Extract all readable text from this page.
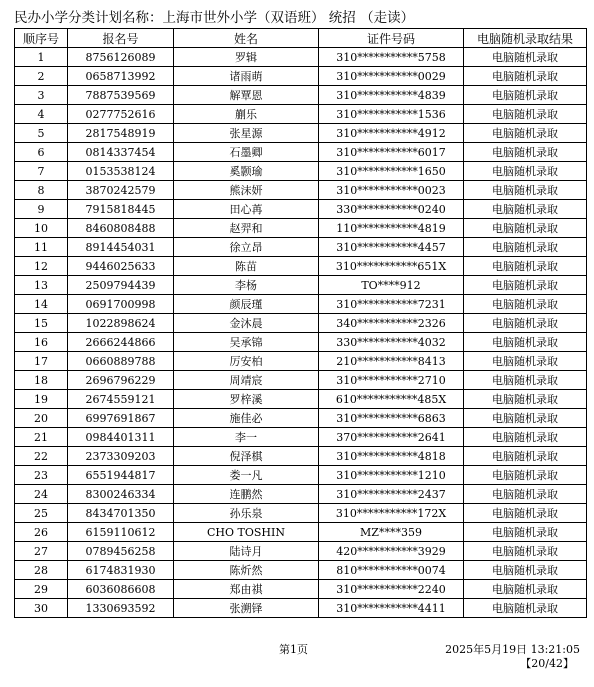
民办小学分类计划名称：上海市世外小学（双语班） 统招 （走读）
顺序号	报名号	姓名	证件号码	电脑随机录取结果
1	8756126089	罗辑	310***********5758	电脑随机录取
2	0658713992	诸雨萌	310***********0029	电脑随机录取
3	7887539569	解覃恩	310***********4839	电脑随机录取
4	0277752616	蒯乐	310***********1536	电脑随机录取
5	2817548919	张星源	310***********4912	电脑随机录取
6	0814337454	石墨卿	310***********6017	电脑随机录取
7	0153538124	奚颢瑜	310***********1650	电脑随机录取
8	3870242579	熊沫妍	310***********0023	电脑随机录取
9	7915818445	田心苒	330***********0240	电脑随机录取
10	8460808488	赵羿和	110***********4819	电脑随机录取
11	8914454031	徐立昂	310***********4457	电脑随机录取
12	9446025633	陈苗	310***********651X	电脑随机录取
13	2509794439	李杨	TO****912	电脑随机录取
14	0691700998	颜辰瑾	310***********7231	电脑随机录取
15	1022898624	金沐晨	340***********2326	电脑随机录取
16	2666244866	吴承锦	330***********4032	电脑随机录取
17	0660889788	厉安柏	210***********8413	电脑随机录取
18	2696796229	周靖宸	310***********2710	电脑随机录取
19	2674559121	罗梓溪	610***********485X	电脑随机录取
20	6997691867	施佳必	310***********6863	电脑随机录取
21	0984401311	李一	370***********2641	电脑随机录取
22	2373309203	倪泽棋	310***********4818	电脑随机录取
23	6551944817	娄一凡	310***********1210	电脑随机录取
24	8300246334	连鹏然	310***********2437	电脑随机录取
25	8434701350	孙乐泉	310***********172X	电脑随机录取
26	6159110612	CHO TOSHIN	MZ****359	电脑随机录取
27	0789456258	陆诗月	420***********3929	电脑随机录取
28	6174831930	陈炘然	810***********0074	电脑随机录取
29	6036086608	郑由祺	310***********2240	电脑随机录取
30	1330693592	张溯铎	310***********4411	电脑随机录取
第1页	2025年5月19日 13:21:05
【20/42】
